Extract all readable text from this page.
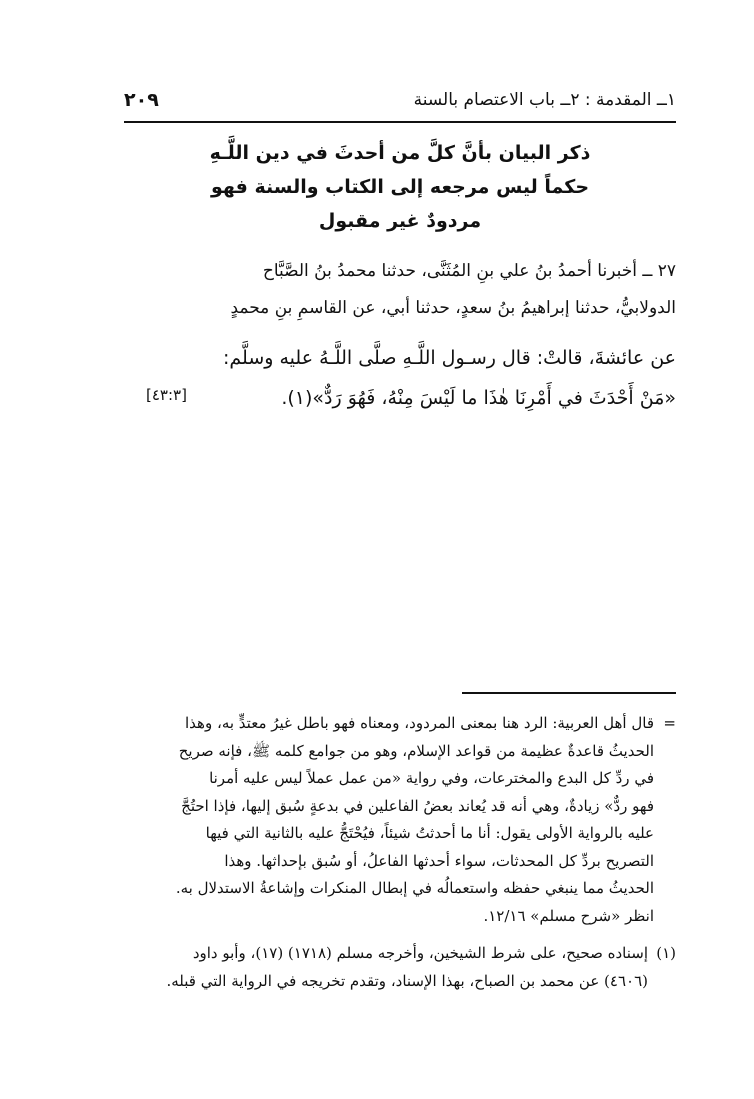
١ــ المقدمة : ٢ــ باب الاعتصام بالسنة
٢٠٩
ذكر البيان بأنَّ كلَّ من أحدثَ في دين اللَّـهِ
حكماً ليس مرجعه إلى الكتاب والسنة فهو
مردودٌ غير مقبول
٢٧ ــ أخبرنا أحمدُ بنُ علي بنِ المُثَنَّى، حدثنا محمدُ بنُ الصَّبَّاح
الدولابيُّ، حدثنا إبراهيمُ بنُ سعدٍ، حدثنا أبي، عن القاسمِ بنِ محمدٍ
عن عائشةَ، قالتْ: قال رسـول اللَّـهِ صلَّى اللَّـهُ عليه وسلَّم:
«مَنْ أَحْدَثَ في أَمْرِنَا هٰذَا ما لَيْسَ مِنْهُ، فَهُوَ رَدٌّ»(١).
[٤٣:٣]
=
قال أهل العربية: الرد هنا بمعنى المردود، ومعناه فهو باطل غيرُ معتدٍّ به، وهذا
الحديثُ قاعدةٌ عظيمة من قواعد الإسلام، وهو من جوامع كلمه ﷺ، فإنه صريح
في ردِّ كل البدع والمخترعات، وفي رواية «من عمل عملاً ليس عليه أمرنا
فهو ردٌّ» زيادةٌ، وهي أنه قد يُعاند بعضُ الفاعلين في بدعةٍ سُبق إليها، فإذا احتُجَّ
عليه بالرواية الأولى يقول: أنا ما أحدثتُ شيئاً، فيُحْتَجُّ عليه بالثانية التي فيها
التصريح بردِّ كل المحدثات، سواء أحدثها الفاعلُ، أو سُبق بإحداثها. وهذا
الحديثُ مما ينبغي حفظه واستعمالُه في إبطال المنكرات وإشاعةُ الاستدلال به.
انظر «شرح مسلم» ١٢/١٦.
(١)
إسناده صحيح، على شرط الشيخين، وأخرجه مسلم (١٧١٨) (١٧)، وأبو داود
(٤٦٠٦) عن محمد بن الصباح، بهذا الإسناد، وتقدم تخريجه في الرواية التي قبله.
